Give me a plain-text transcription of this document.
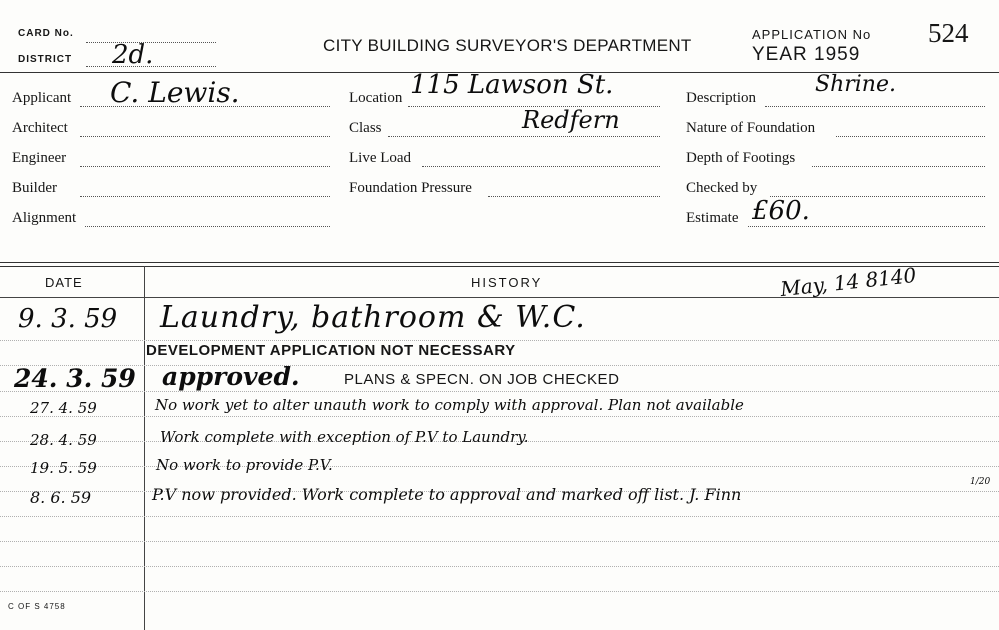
CARD No.
DISTRICT 2d.	CITY BUILDING SURVEYOR'S DEPARTMENT
APPLICATION No 524
YEAR 1959
Applicant C. Lewis.
Architect
Engineer
Builder
Alignment
Location 115 Lawson St.
Class	Redfern
Live Load
Foundation Pressure
Description
Shrine.
Nature of Foundation
Depth of Footings
Checked by
Estimate £60.
DATE	HISTORY	May, 14 8140
9. 3. 59 Laundry, bathroom & W.C.
DEVELOPMENT APPLICATION NOT NECESSARY
24. 3. 59 approved.	PLANS & SPECN. ON JOB CHECKED
27. 4. 59	No work yet to alter unauth work to comply with approval. Plan not available
28. 4. 59	Work complete with exception of P.V to Laundry.
19. 5. 59	No work to provide P.V.
8. 6. 59	P.V now provided. Work complete to approval and marked off list. J. Finn
1/20
C OF S 4758
